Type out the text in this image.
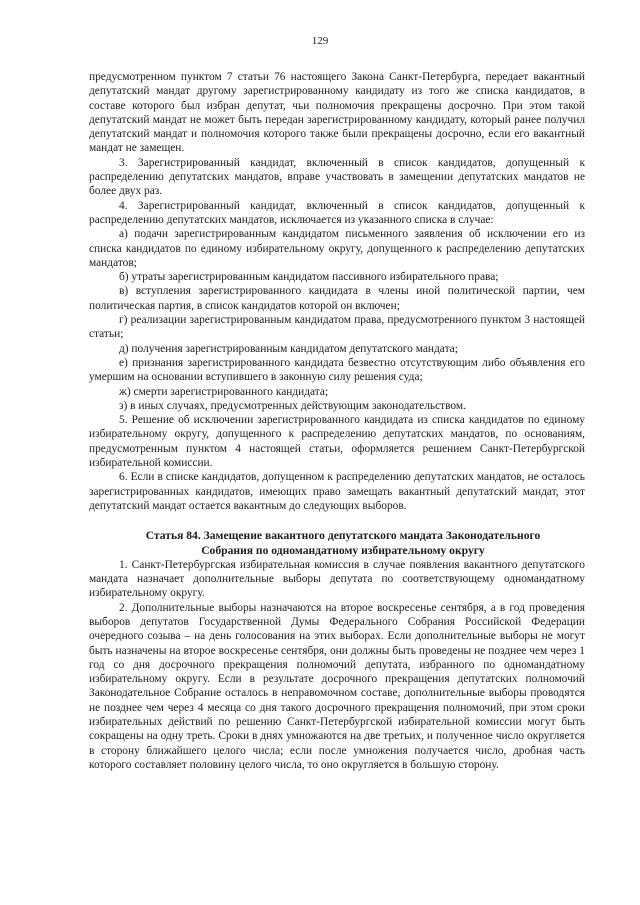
129

предусмотренном пунктом 7 статьи 76 настоящего Закона Санкт-Петербурга, передает вакантный депутатский мандат другому зарегистрированному кандидату из того же списка кандидатов, в составе которого был избран депутат, чьи полномочия прекращены досрочно. При этом такой депутатский мандат не может быть передан зарегистрированному кандидату, который ранее получил депутатский мандат и полномочия которого также были прекращены досрочно, если его вакантный мандат не замещен.

3. Зарегистрированный кандидат, включенный в список кандидатов, допущенный к распределению депутатских мандатов, вправе участвовать в замещении депутатских мандатов не более двух раз.

4. Зарегистрированный кандидат, включенный в список кандидатов, допущенный к распределению депутатских мандатов, исключается из указанного списка в случае:

а) подачи зарегистрированным кандидатом письменного заявления об исключении его из списка кандидатов по единому избирательному округу, допущенного к распределению депутатских мандатов;

б) утраты зарегистрированным кандидатом пассивного избирательного права;

в) вступления зарегистрированного кандидата в члены иной политической партии, чем политическая партия, в список кандидатов которой он включен;

г) реализации зарегистрированным кандидатом права, предусмотренного пунктом 3 настоящей статьи;

д) получения зарегистрированным кандидатом депутатского мандата;

е) признания зарегистрированного кандидата безвестно отсутствующим либо объявления его умершим на основании вступившего в законную силу решения суда;

ж) смерти зарегистрированного кандидата;

з) в иных случаях, предусмотренных действующим законодательством.

5. Решение об исключении зарегистрированного кандидата из списка кандидатов по единому избирательному округу, допущенного к распределению депутатских мандатов, по основаниям, предусмотренным пунктом 4 настоящей статьи, оформляется решением Санкт-Петербургской избирательной комиссии.

6. Если в списке кандидатов, допущенном к распределению депутатских мандатов, не осталось зарегистрированных кандидатов, имеющих право замещать вакантный депутатский мандат, этот депутатский мандат остается вакантным до следующих выборов.

Статья 84. Замещение вакантного депутатского мандата Законодательного
Собрания по одномандатному избирательному округу

1. Санкт-Петербургская избирательная комиссия в случае появления вакантного депутатского мандата назначает дополнительные выборы депутата по соответствующему одномандатному избирательному округу.

2. Дополнительные выборы назначаются на второе воскресенье сентября, а в год проведения выборов депутатов Государственной Думы Федерального Собрания Российской Федерации очередного созыва – на день голосования на этих выборах. Если дополнительные выборы не могут быть назначены на второе воскресенье сентября, они должны быть проведены не позднее чем через 1 год со дня досрочного прекращения полномочий депутата, избранного по одномандатному избирательному округу. Если в результате досрочного прекращения депутатских полномочий Законодательное Собрание осталось в неправомочном составе, дополнительные выборы проводятся не позднее чем через 4 месяца со дня такого досрочного прекращения полномочий, при этом сроки избирательных действий по решению Санкт-Петербургской избирательной комиссии могут быть сокращены на одну треть. Сроки в днях умножаются на две третьих, и полученное число округляется в сторону ближайшего целого числа; если после умножения получается число, дробная часть которого составляет половину целого числа, то оно округляется в большую сторону.
